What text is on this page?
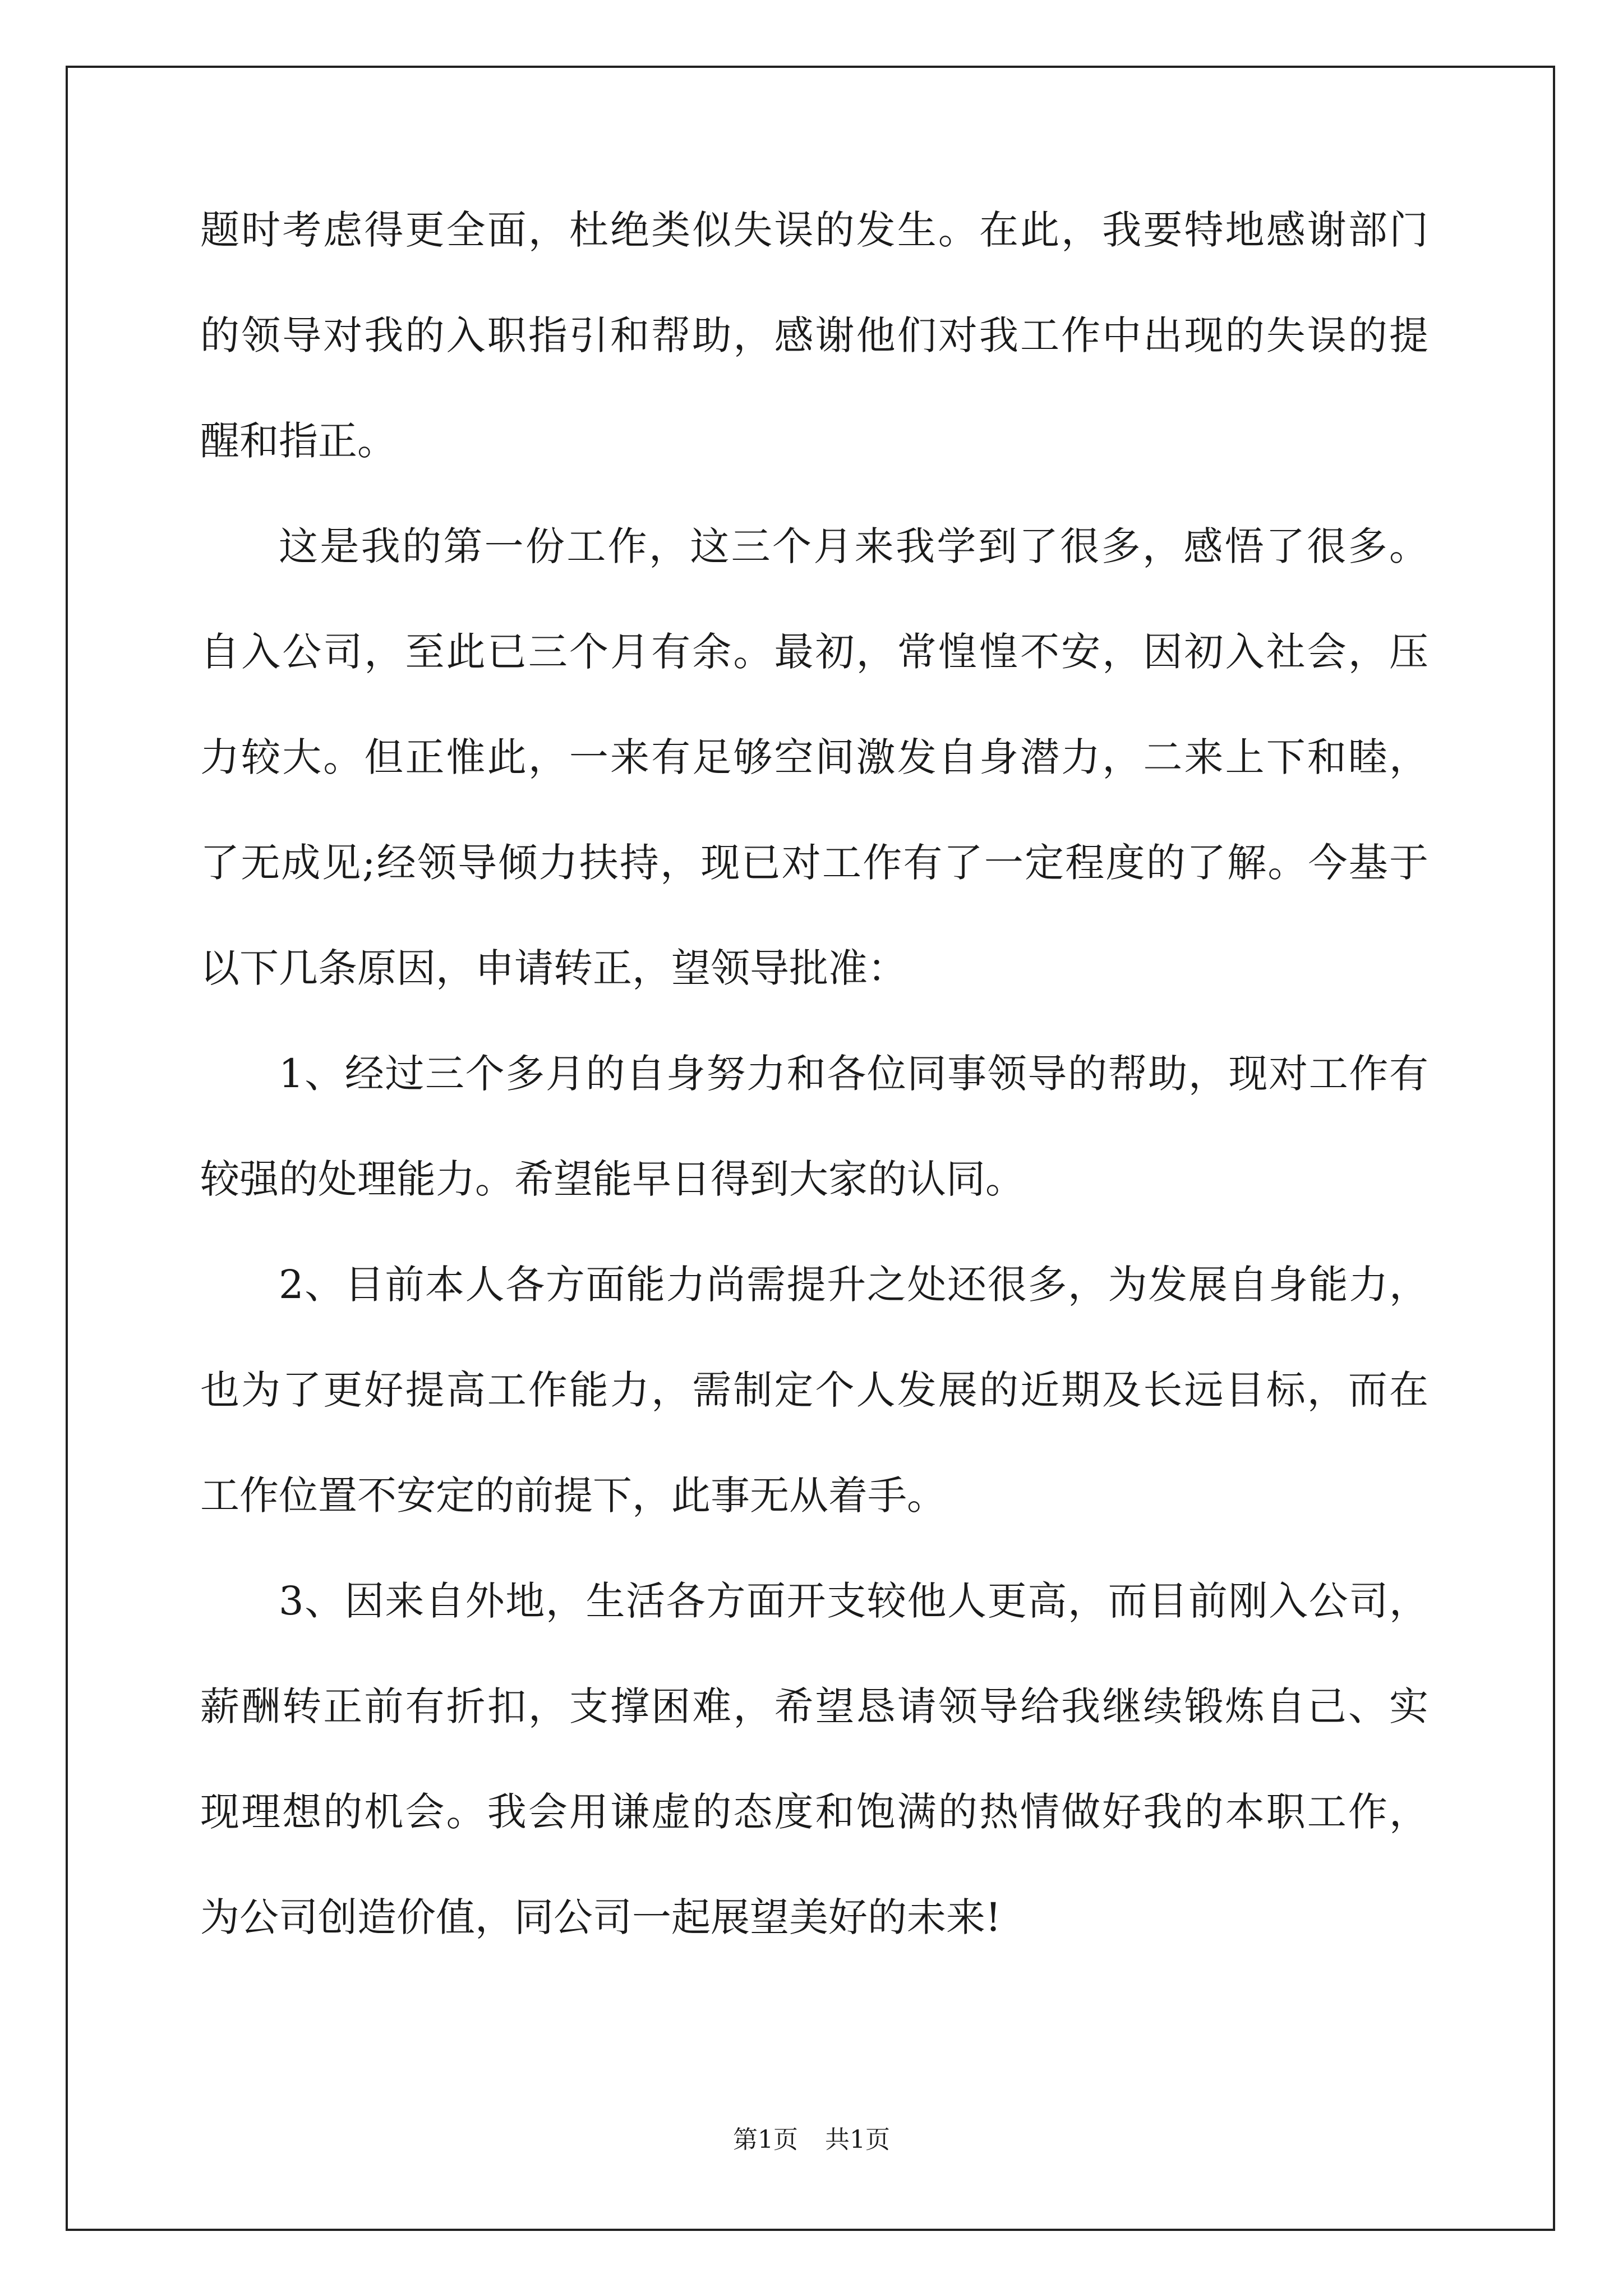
题时考虑得更全面，杜绝类似失误的发生。在此，我要特地感谢部门
的领导对我的入职指引和帮助，感谢他们对我工作中出现的失误的提
醒和指正。
这是我的第一份工作，这三个月来我学到了很多，感悟了很多。
自入公司，至此已三个月有余。最初，常惶惶不安，因初入社会，压
力较大。但正惟此，一来有足够空间激发自身潜力，二来上下和睦，
了无成见;经领导倾力扶持，现已对工作有了一定程度的了解。今基于
以下几条原因，申请转正，望领导批准：
1、经过三个多月的自身努力和各位同事领导的帮助，现对工作有
较强的处理能力。希望能早日得到大家的认同。
2、目前本人各方面能力尚需提升之处还很多，为发展自身能力，
也为了更好提高工作能力，需制定个人发展的近期及长远目标，而在
工作位置不安定的前提下，此事无从着手。
3、因来自外地，生活各方面开支较他人更高，而目前刚入公司，
薪酬转正前有折扣，支撑困难，希望恳请领导给我继续锻炼自己、实
现理想的机会。我会用谦虚的态度和饱满的热情做好我的本职工作，
为公司创造价值，同公司一起展望美好的未来!
第1页 共1页
